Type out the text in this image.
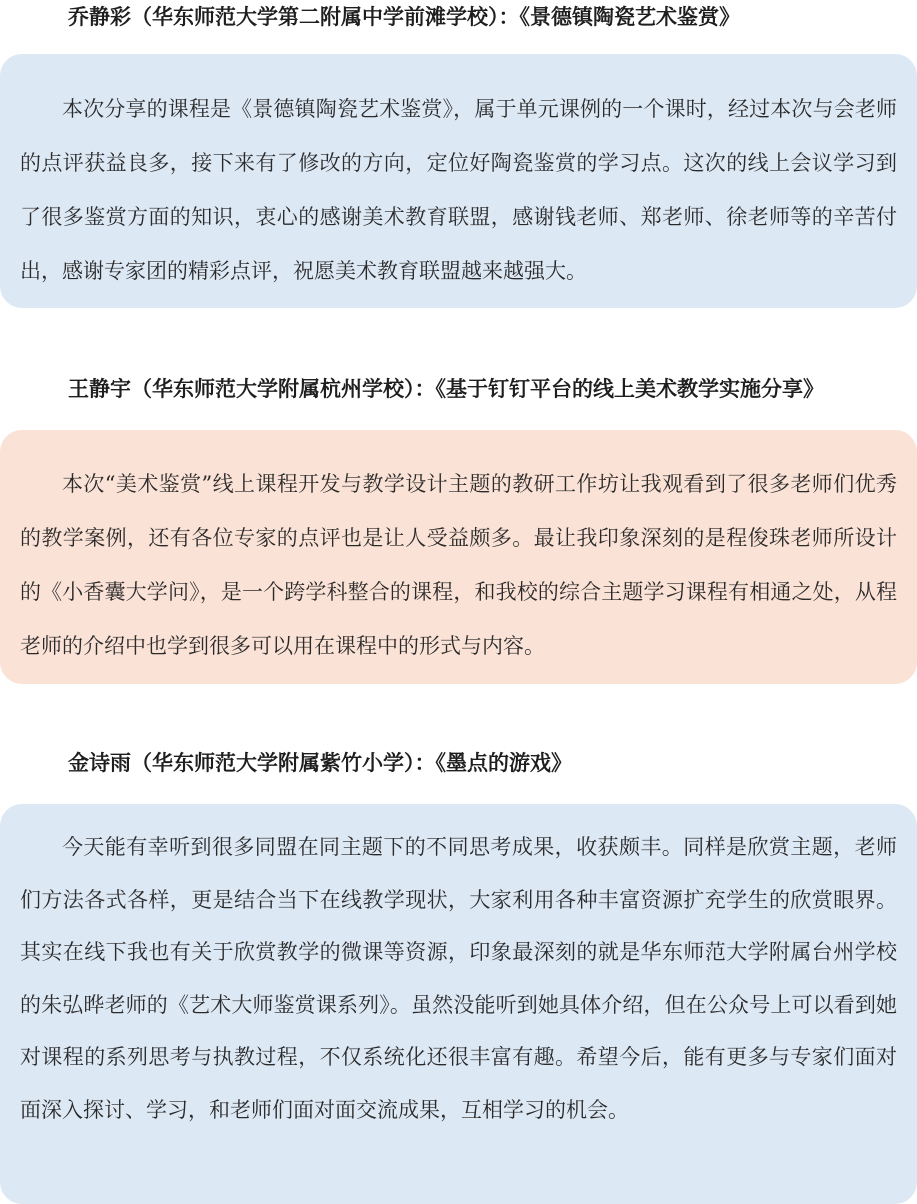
乔静彩（华东师范大学第二附属中学前滩学校）：《景德镇陶瓷艺术鉴赏》

本次分享的课程是《景德镇陶瓷艺术鉴赏》，属于单元课例的一个课时，经过本次与会老师的点评获益良多，接下来有了修改的方向，定位好陶瓷鉴赏的学习点。这次的线上会议学习到了很多鉴赏方面的知识，衷心的感谢美术教育联盟，感谢钱老师、郑老师、徐老师等的辛苦付出，感谢专家团的精彩点评，祝愿美术教育联盟越来越强大。

王静宇（华东师范大学附属杭州学校）：《基于钉钉平台的线上美术教学实施分享》

本次“美术鉴赏”线上课程开发与教学设计主题的教研工作坊让我观看到了很多老师们优秀的教学案例，还有各位专家的点评也是让人受益颇多。最让我印象深刻的是程俊珠老师所设计的《小香囊大学问》，是一个跨学科整合的课程，和我校的综合主题学习课程有相通之处，从程老师的介绍中也学到很多可以用在课程中的形式与内容。

金诗雨（华东师范大学附属紫竹小学）：《墨点的游戏》

今天能有幸听到很多同盟在同主题下的不同思考成果，收获颇丰。同样是欣赏主题，老师们方法各式各样，更是结合当下在线教学现状，大家利用各种丰富资源扩充学生的欣赏眼界。其实在线下我也有关于欣赏教学的微课等资源，印象最深刻的就是华东师范大学附属台州学校的朱弘晔老师的《艺术大师鉴赏课系列》。虽然没能听到她具体介绍，但在公众号上可以看到她对课程的系列思考与执教过程，不仅系统化还很丰富有趣。希望今后，能有更多与专家们面对面深入探讨、学习，和老师们面对面交流成果，互相学习的机会。
